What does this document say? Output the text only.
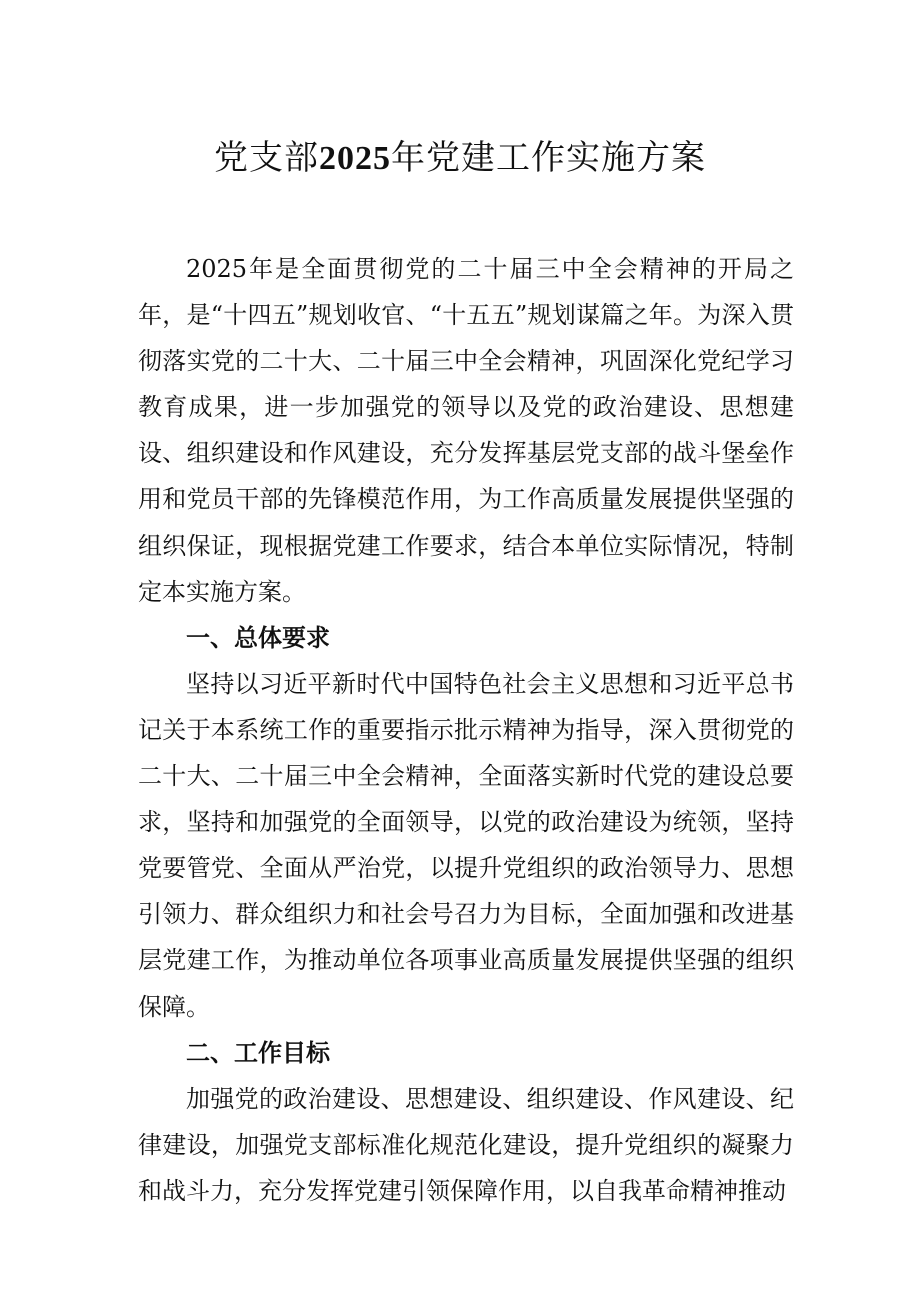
党支部2025年党建工作实施方案

2025年是全面贯彻党的二十届三中全会精神的开局之年，是“十四五”规划收官、“十五五”规划谋篇之年。为深入贯彻落实党的二十大、二十届三中全会精神，巩固深化党纪学习教育成果，进一步加强党的领导以及党的政治建设、思想建设、组织建设和作风建设，充分发挥基层党支部的战斗堡垒作用和党员干部的先锋模范作用，为工作高质量发展提供坚强的组织保证，现根据党建工作要求，结合本单位实际情况，特制定本实施方案。

一、总体要求

坚持以习近平新时代中国特色社会主义思想和习近平总书记关于本系统工作的重要指示批示精神为指导，深入贯彻党的二十大、二十届三中全会精神，全面落实新时代党的建设总要求，坚持和加强党的全面领导，以党的政治建设为统领，坚持党要管党、全面从严治党，以提升党组织的政治领导力、思想引领力、群众组织力和社会号召力为目标，全面加强和改进基层党建工作，为推动单位各项事业高质量发展提供坚强的组织保障。

二、工作目标

加强党的政治建设、思想建设、组织建设、作风建设、纪律建设，加强党支部标准化规范化建设，提升党组织的凝聚力和战斗力，充分发挥党建引领保障作用，以自我革命精神推动
